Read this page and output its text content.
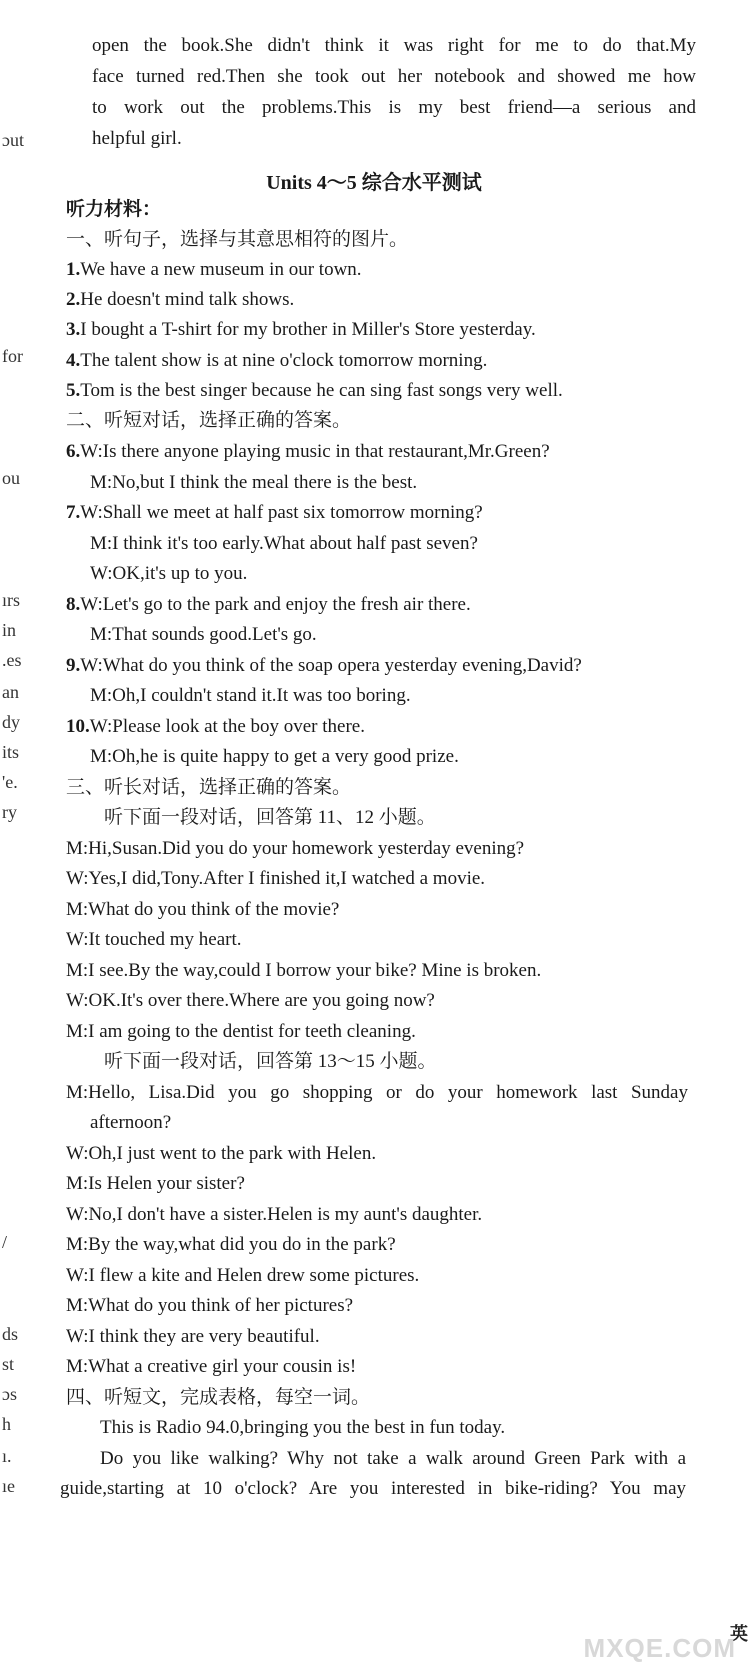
open the book.She didn't think it was right for me to do that.My
face turned red.Then she took out her notebook and showed me how
to work out the problems.This is my best friend—a serious and
helpful girl.
Units 4～5 综合水平测试
听力材料：
一、听句子，选择与其意思相符的图片。
1.We have a new museum in our town.
2.He doesn't mind talk shows.
3.I bought a T-shirt for my brother in Miller's Store yesterday.
4.The talent show is at nine o'clock tomorrow morning.
5.Tom is the best singer because he can sing fast songs very well.
二、听短对话，选择正确的答案。
6.W:Is there anyone playing music in that restaurant,Mr.Green?
M:No,but I think the meal there is the best.
7.W:Shall we meet at half past six tomorrow morning?
M:I think it's too early.What about half past seven?
W:OK,it's up to you.
8.W:Let's go to the park and enjoy the fresh air there.
M:That sounds good.Let's go.
9.W:What do you think of the soap opera yesterday evening,David?
M:Oh,I couldn't stand it.It was too boring.
10.W:Please look at the boy over there.
M:Oh,he is quite happy to get a very good prize.
三、听长对话，选择正确的答案。
听下面一段对话，回答第 11、12 小题。
M:Hi,Susan.Did you do your homework yesterday evening?
W:Yes,I did,Tony.After I finished it,I watched a movie.
M:What do you think of the movie?
W:It touched my heart.
M:I see.By the way,could I borrow your bike? Mine is broken.
W:OK.It's over there.Where are you going now?
M:I am going to the dentist for teeth cleaning.
听下面一段对话，回答第 13～15 小题。
M:Hello, Lisa.Did you go shopping or do your homework last Sunday
afternoon?
W:Oh,I just went to the park with Helen.
M:Is Helen your sister?
W:No,I don't have a sister.Helen is my aunt's daughter.
M:By the way,what did you do in the park?
W:I flew a kite and Helen drew some pictures.
M:What do you think of her pictures?
W:I think they are very beautiful.
M:What a creative girl your cousin is!
四、听短文，完成表格，每空一词。
This is Radio 94.0,bringing you the best in fun today.
Do you like walking? Why not take a walk around Green Park with a
guide,starting at 10 o'clock? Are you interested in bike-riding? You may
ɔut
for
ou
ırs
in
.es
an
dy
its
'e.
ry
/
ds
st
ɔs
h
ı.
ıe
英
MXQE.COM
